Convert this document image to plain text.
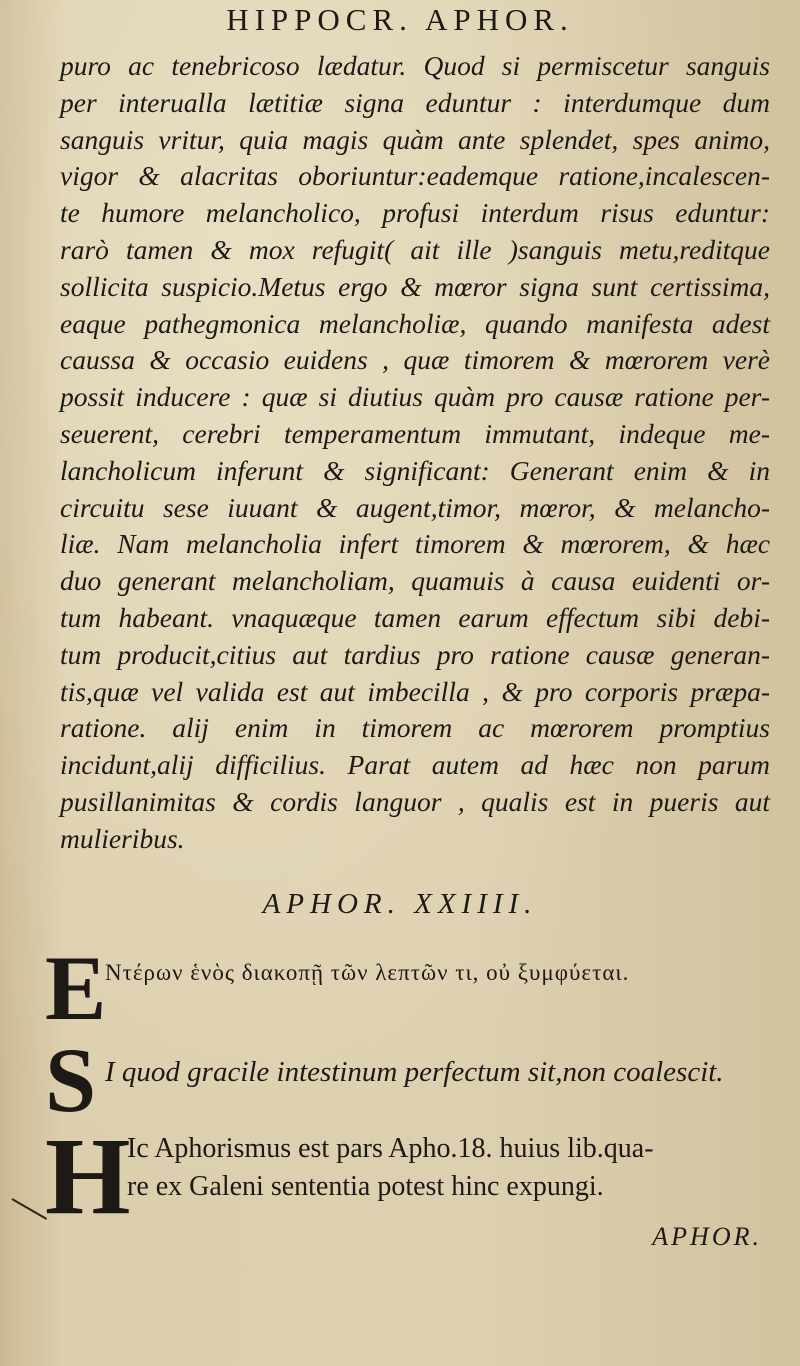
HIPPOCR. APHOR.
puro ac tenebricoso lædatur. Quod si permiscetur sanguis
per interualla lætitiæ signa eduntur : interdumque dum
sanguis vritur, quia magis quàm ante splendet, spes animo,
vigor & alacritas oboriuntur:eademque ratione,incalescen-
te humore melancholico, profusi interdum risus eduntur:
rarò tamen & mox refugit( ait ille )sanguis metu,reditque
sollicita suspicio.Metus ergo & mœror signa sunt certissima,
eaque pathegmonica melancholiæ, quando manifesta adest
caussa & occasio euidens , quæ timorem & mœrorem verè
possit inducere : quæ si diutius quàm pro causæ ratione per-
seuerent, cerebri temperamentum immutant, indeque me-
lancholicum inferunt & significant: Generant enim & in
circuitu sese iuuant & augent,timor, mœror, & melancho-
liæ. Nam melancholia infert timorem & mœrorem, & hæc
duo generant melancholiam, quamuis à causa euidenti or-
tum habeant. vnaquæque tamen earum effectum sibi debi-
tum producit,citius aut tardius pro ratione causæ generan-
tis,quæ vel valida est aut imbecilla , & pro corporis præpa-
ratione. alij enim in timorem ac mœrorem promptius
incidunt,alij difficilius. Parat autem ad hæc non parum
pusillanimitas & cordis languor , qualis est in pueris aut
mulieribus.
APHOR. XXIIII.
E
Ντέρων ἑνὸς διακοπῇ τῶν λεπτῶν τι, οὐ ξυμφύεται.
S I quod gracile intestinum perfectum sit,non coalescit.
H
Ic Aphorismus est pars Apho.18. huius lib.qua-
re ex Galeni sententia potest hinc expungi.
APHOR.
